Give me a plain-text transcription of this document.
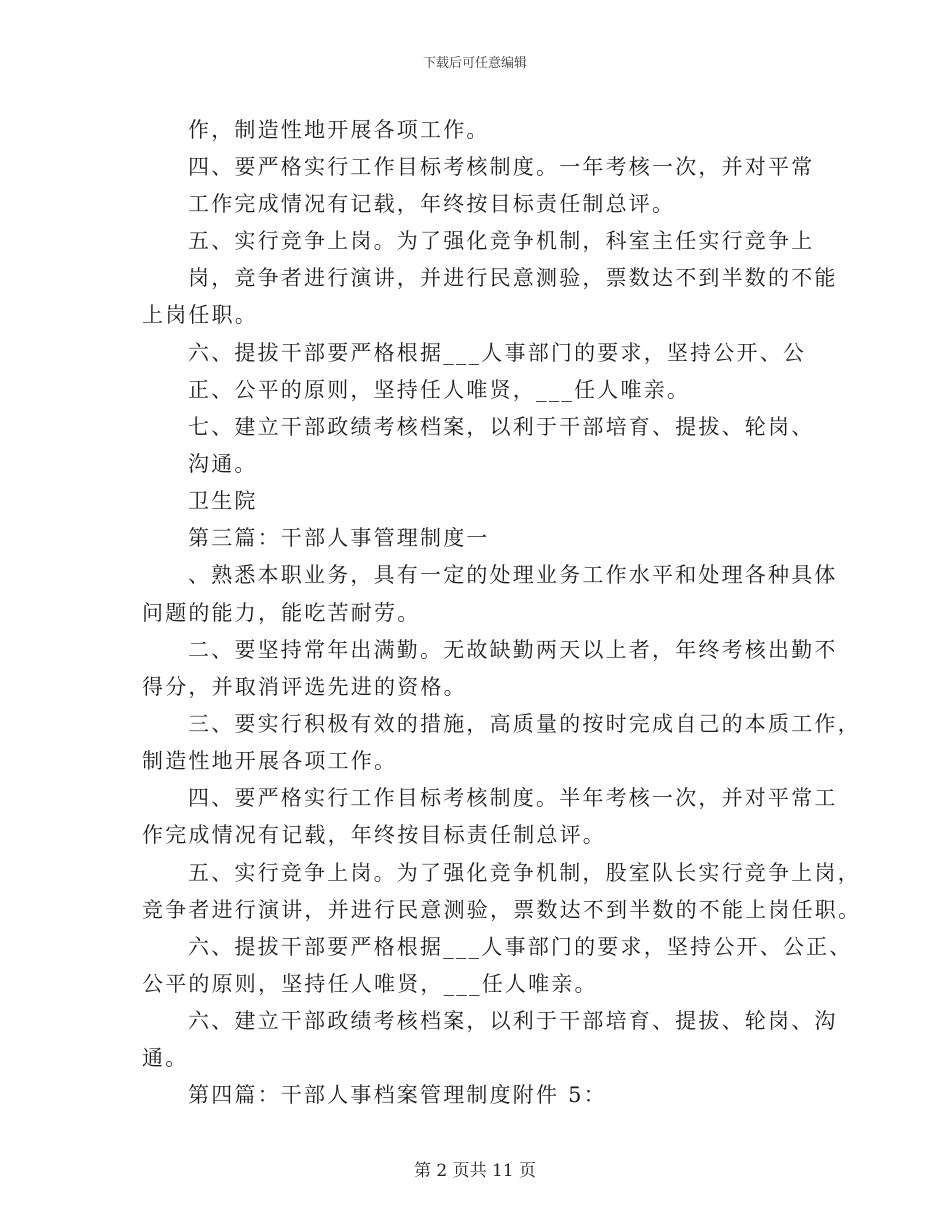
下载后可任意编辑
作，制造性地开展各项工作。
四、要严格实行工作目标考核制度。一年考核一次，并对平常
工作完成情况有记载，年终按目标责任制总评。
五、实行竞争上岗。为了强化竞争机制，科室主任实行竞争上
岗，竞争者进行演讲，并进行民意测验，票数达不到半数的不能
上岗任职。
六、提拔干部要严格根据___人事部门的要求，坚持公开、公
正、公平的原则，坚持任人唯贤，___任人唯亲。
七、建立干部政绩考核档案，以利于干部培育、提拔、轮岗、
沟通。
卫生院
第三篇：干部人事管理制度一
、熟悉本职业务，具有一定的处理业务工作水平和处理各种具体
问题的能力，能吃苦耐劳。
二、要坚持常年出满勤。无故缺勤两天以上者，年终考核出勤不
得分，并取消评选先进的资格。
三、要实行积极有效的措施，高质量的按时完成自己的本质工作，
制造性地开展各项工作。
四、要严格实行工作目标考核制度。半年考核一次，并对平常工
作完成情况有记载，年终按目标责任制总评。
五、实行竞争上岗。为了强化竞争机制，股室队长实行竞争上岗，
竞争者进行演讲，并进行民意测验，票数达不到半数的不能上岗任职。
六、提拔干部要严格根据___人事部门的要求，坚持公开、公正、
公平的原则，坚持任人唯贤，___任人唯亲。
六、建立干部政绩考核档案，以利于干部培育、提拔、轮岗、沟
通。
第四篇：干部人事档案管理制度附件 5：
第 2 页共 11 页
